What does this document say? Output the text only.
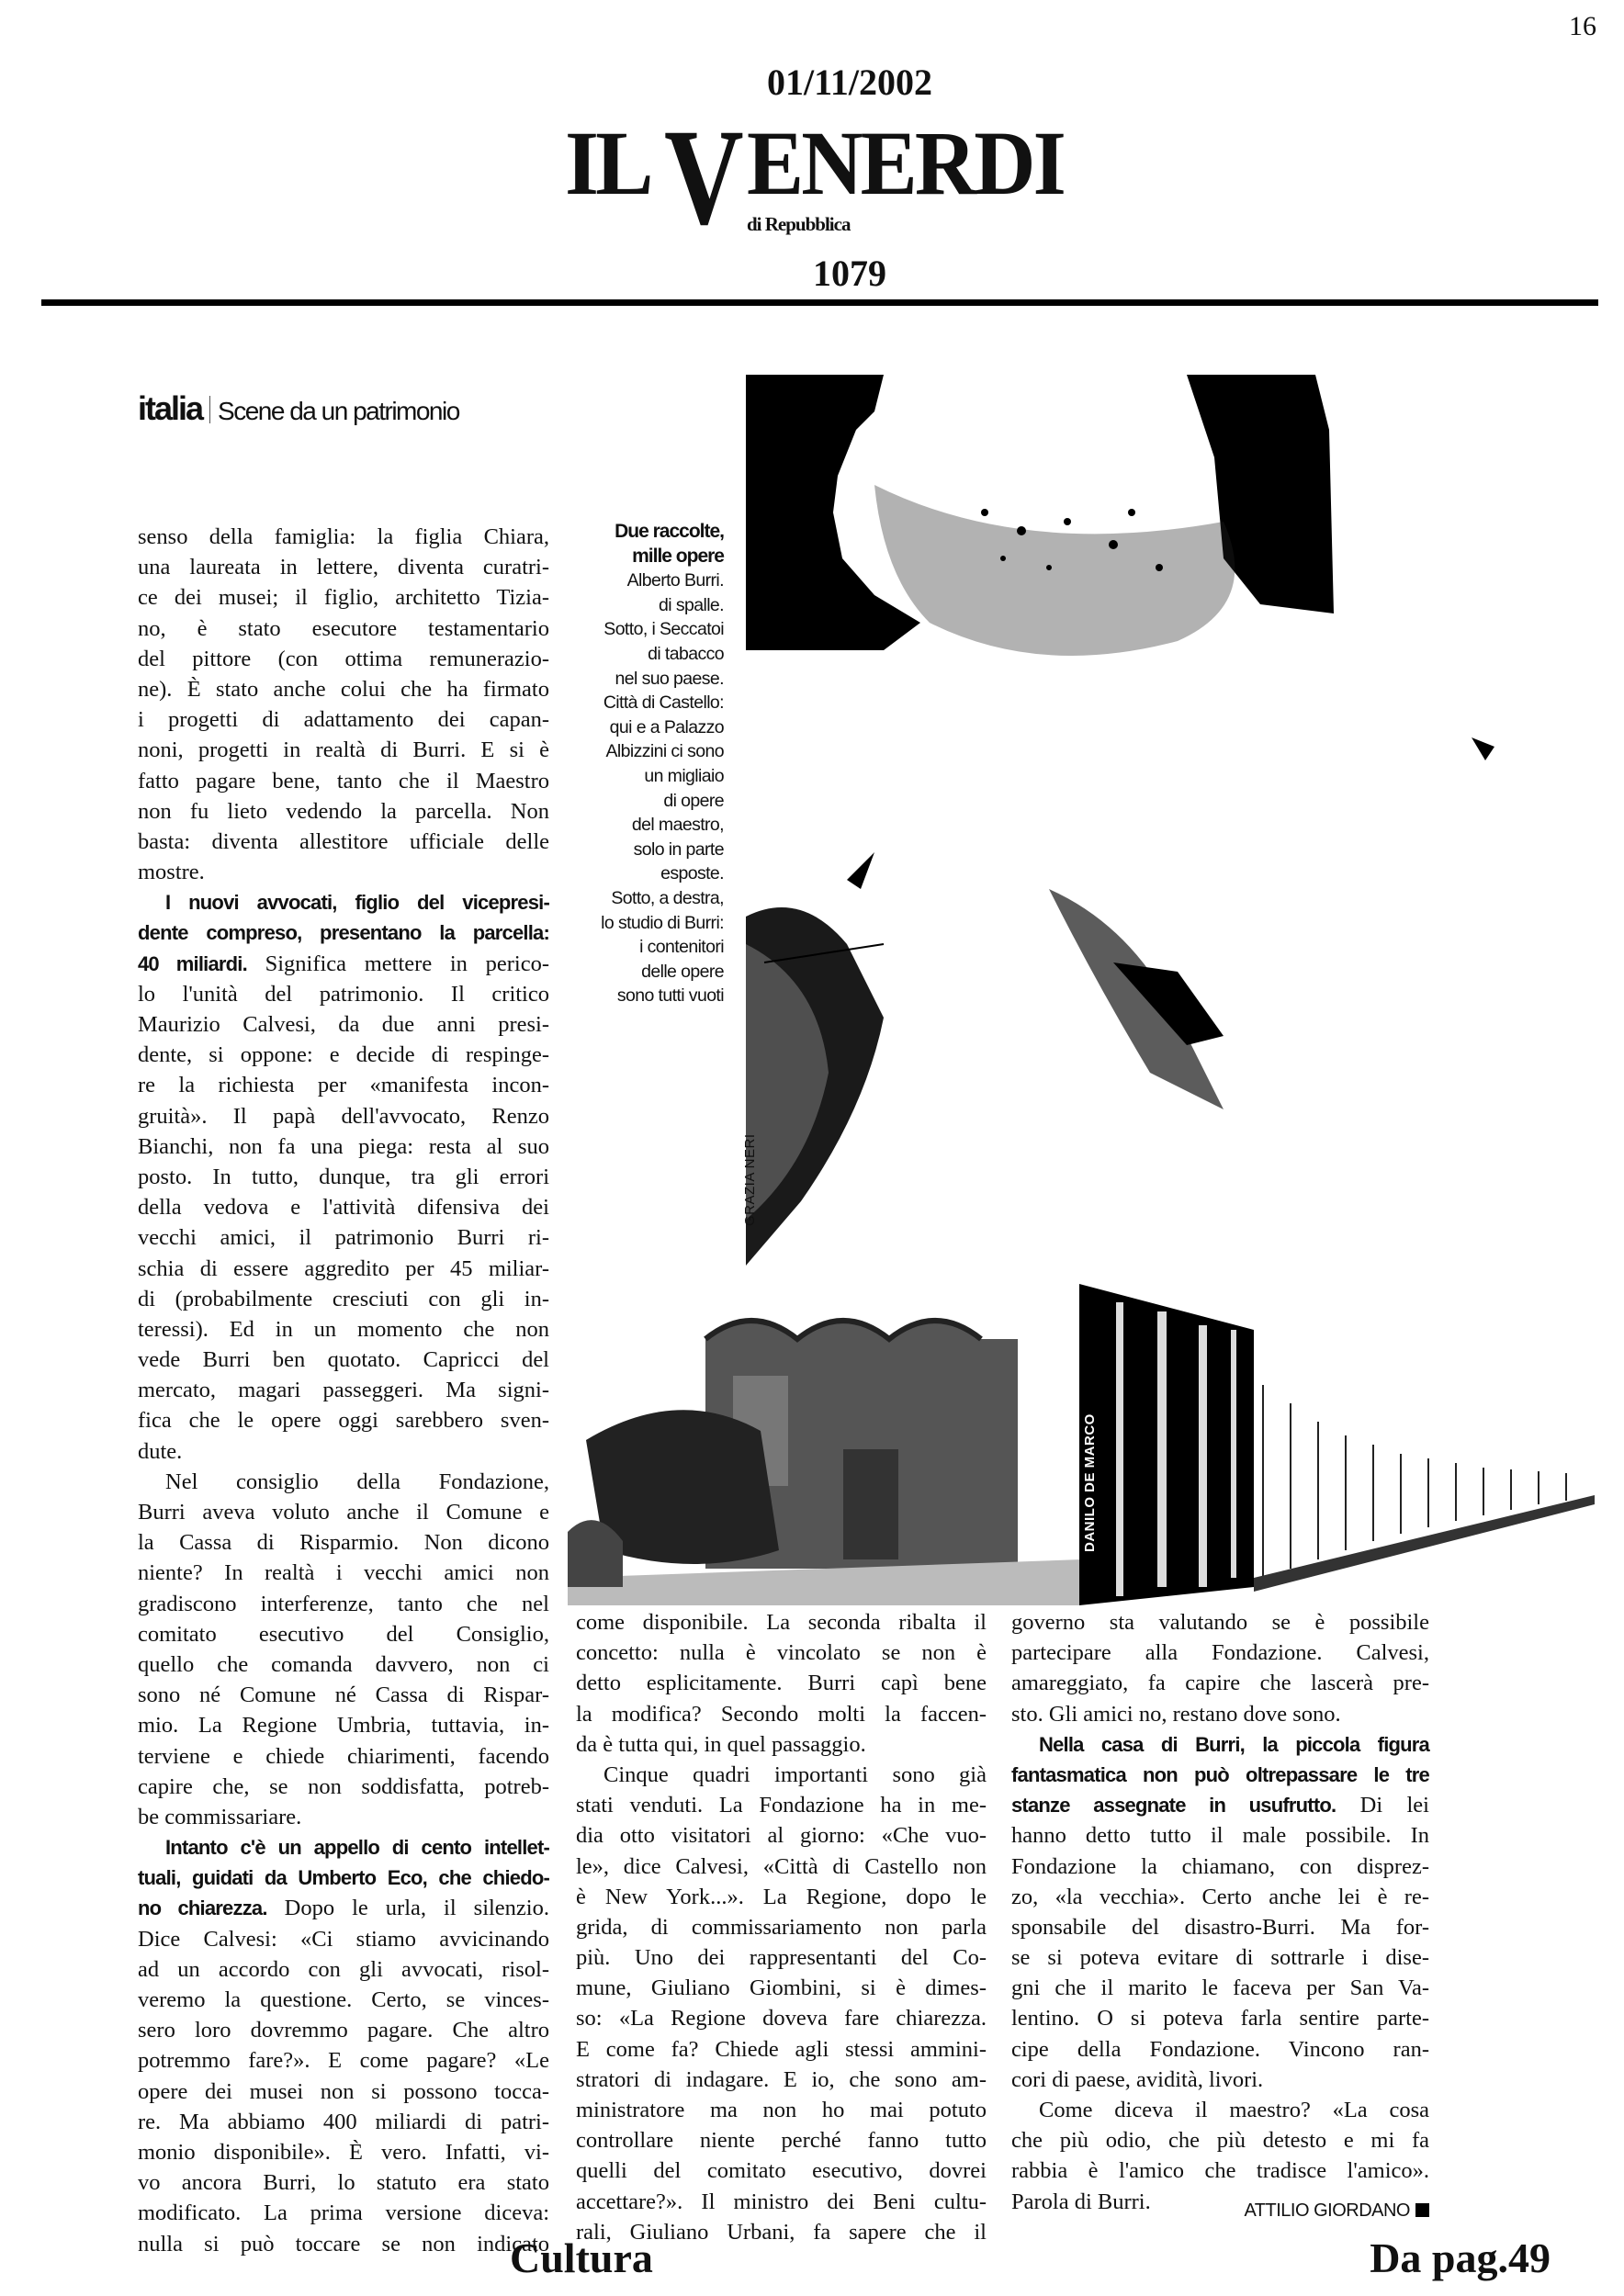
16
01/11/2002
IL V ENERDI
di Repubblica
1079
italia Scene da un patrimonio
GRAZIA NERI
Due raccolte,
mille opere
Alberto Burri.
di spalle.
Sotto, i Seccatoi
di tabacco
nel suo paese.
Città di Castello:
qui e a Palazzo
Albizzini ci sono
un migliaio
di opere
del maestro,
solo in parte
esposte.
Sotto, a destra,
lo studio di Burri:
i contenitori
delle opere
sono tutti vuoti
DANILO DE MARCO
senso della famiglia: la figlia Chiara,
una laureata in lettere, diventa curatri-
ce dei musei; il figlio, architetto Tizia-
no, è stato esecutore testamentario
del pittore (con ottima remunerazio-
ne). È stato anche colui che ha firmato
i progetti di adattamento dei capan-
noni, progetti in realtà di Burri. E si è
fatto pagare bene, tanto che il Maestro
non fu lieto vedendo la parcella. Non
basta: diventa allestitore ufficiale delle
mostre.
I nuovi avvocati, figlio del vicepresi-
dente compreso, presentano la parcella:
40 miliardi. Significa mettere in perico-
lo l'unità del patrimonio. Il critico
Maurizio Calvesi, da due anni presi-
dente, si oppone: e decide di respinge-
re la richiesta per «manifesta incon-
gruità». Il papà dell'avvocato, Renzo
Bianchi, non fa una piega: resta al suo
posto. In tutto, dunque, tra gli errori
della vedova e l'attività difensiva dei
vecchi amici, il patrimonio Burri ri-
schia di essere aggredito per 45 miliar-
di (probabilmente cresciuti con gli in-
teressi). Ed in un momento che non
vede Burri ben quotato. Capricci del
mercato, magari passeggeri. Ma signi-
fica che le opere oggi sarebbero sven-
dute.
Nel consiglio della Fondazione,
Burri aveva voluto anche il Comune e
la Cassa di Risparmio. Non dicono
niente? In realtà i vecchi amici non
gradiscono interferenze, tanto che nel
comitato esecutivo del Consiglio,
quello che comanda davvero, non ci
sono né Comune né Cassa di Rispar-
mio. La Regione Umbria, tuttavia, in-
terviene e chiede chiarimenti, facendo
capire che, se non soddisfatta, potreb-
be commissariare.
Intanto c'è un appello di cento intellet-
tuali, guidati da Umberto Eco, che chiedo-
no chiarezza. Dopo le urla, il silenzio.
Dice Calvesi: «Ci stiamo avvicinando
ad un accordo con gli avvocati, risol-
veremo la questione. Certo, se vinces-
sero loro dovremmo pagare. Che altro
potremmo fare?». E come pagare? «Le
opere dei musei non si possono tocca-
re. Ma abbiamo 400 miliardi di patri-
monio disponibile». È vero. Infatti, vi-
vo ancora Burri, lo statuto era stato
modificato. La prima versione diceva:
nulla si può toccare se non indicato
come disponibile. La seconda ribalta il
concetto: nulla è vincolato se non è
detto esplicitamente. Burri capì bene
la modifica? Secondo molti la faccen-
da è tutta qui, in quel passaggio.
Cinque quadri importanti sono già
stati venduti. La Fondazione ha in me-
dia otto visitatori al giorno: «Che vuo-
le», dice Calvesi, «Città di Castello non
è New York...». La Regione, dopo le
grida, di commissariamento non parla
più. Uno dei rappresentanti del Co-
mune, Giuliano Giombini, si è dimes-
so: «La Regione doveva fare chiarezza.
E come fa? Chiede agli stessi ammini-
stratori di indagare. E io, che sono am-
ministratore ma non ho mai potuto
controllare niente perché fanno tutto
quelli del comitato esecutivo, dovrei
accettare?». Il ministro dei Beni cultu-
rali, Giuliano Urbani, fa sapere che il
governo sta valutando se è possibile
partecipare alla Fondazione. Calvesi,
amareggiato, fa capire che lascerà pre-
sto. Gli amici no, restano dove sono.
Nella casa di Burri, la piccola figura
fantasmatica non può oltrepassare le tre
stanze assegnate in usufrutto. Di lei
hanno detto tutto il male possibile. In
Fondazione la chiamano, con disprez-
zo, «la vecchia». Certo anche lei è re-
sponsabile del disastro-Burri. Ma for-
se si poteva evitare di sottrarle i dise-
gni che il marito le faceva per San Va-
lentino. O si poteva farla sentire parte-
cipe della Fondazione. Vincono ran-
cori di paese, avidità, livori.
Come diceva il maestro? «La cosa
che più odio, che più detesto e mi fa
rabbia è l'amico che tradisce l'amico».
Parola di Burri.	ATTILIO GIORDANO
Cultura	Da pag.49
